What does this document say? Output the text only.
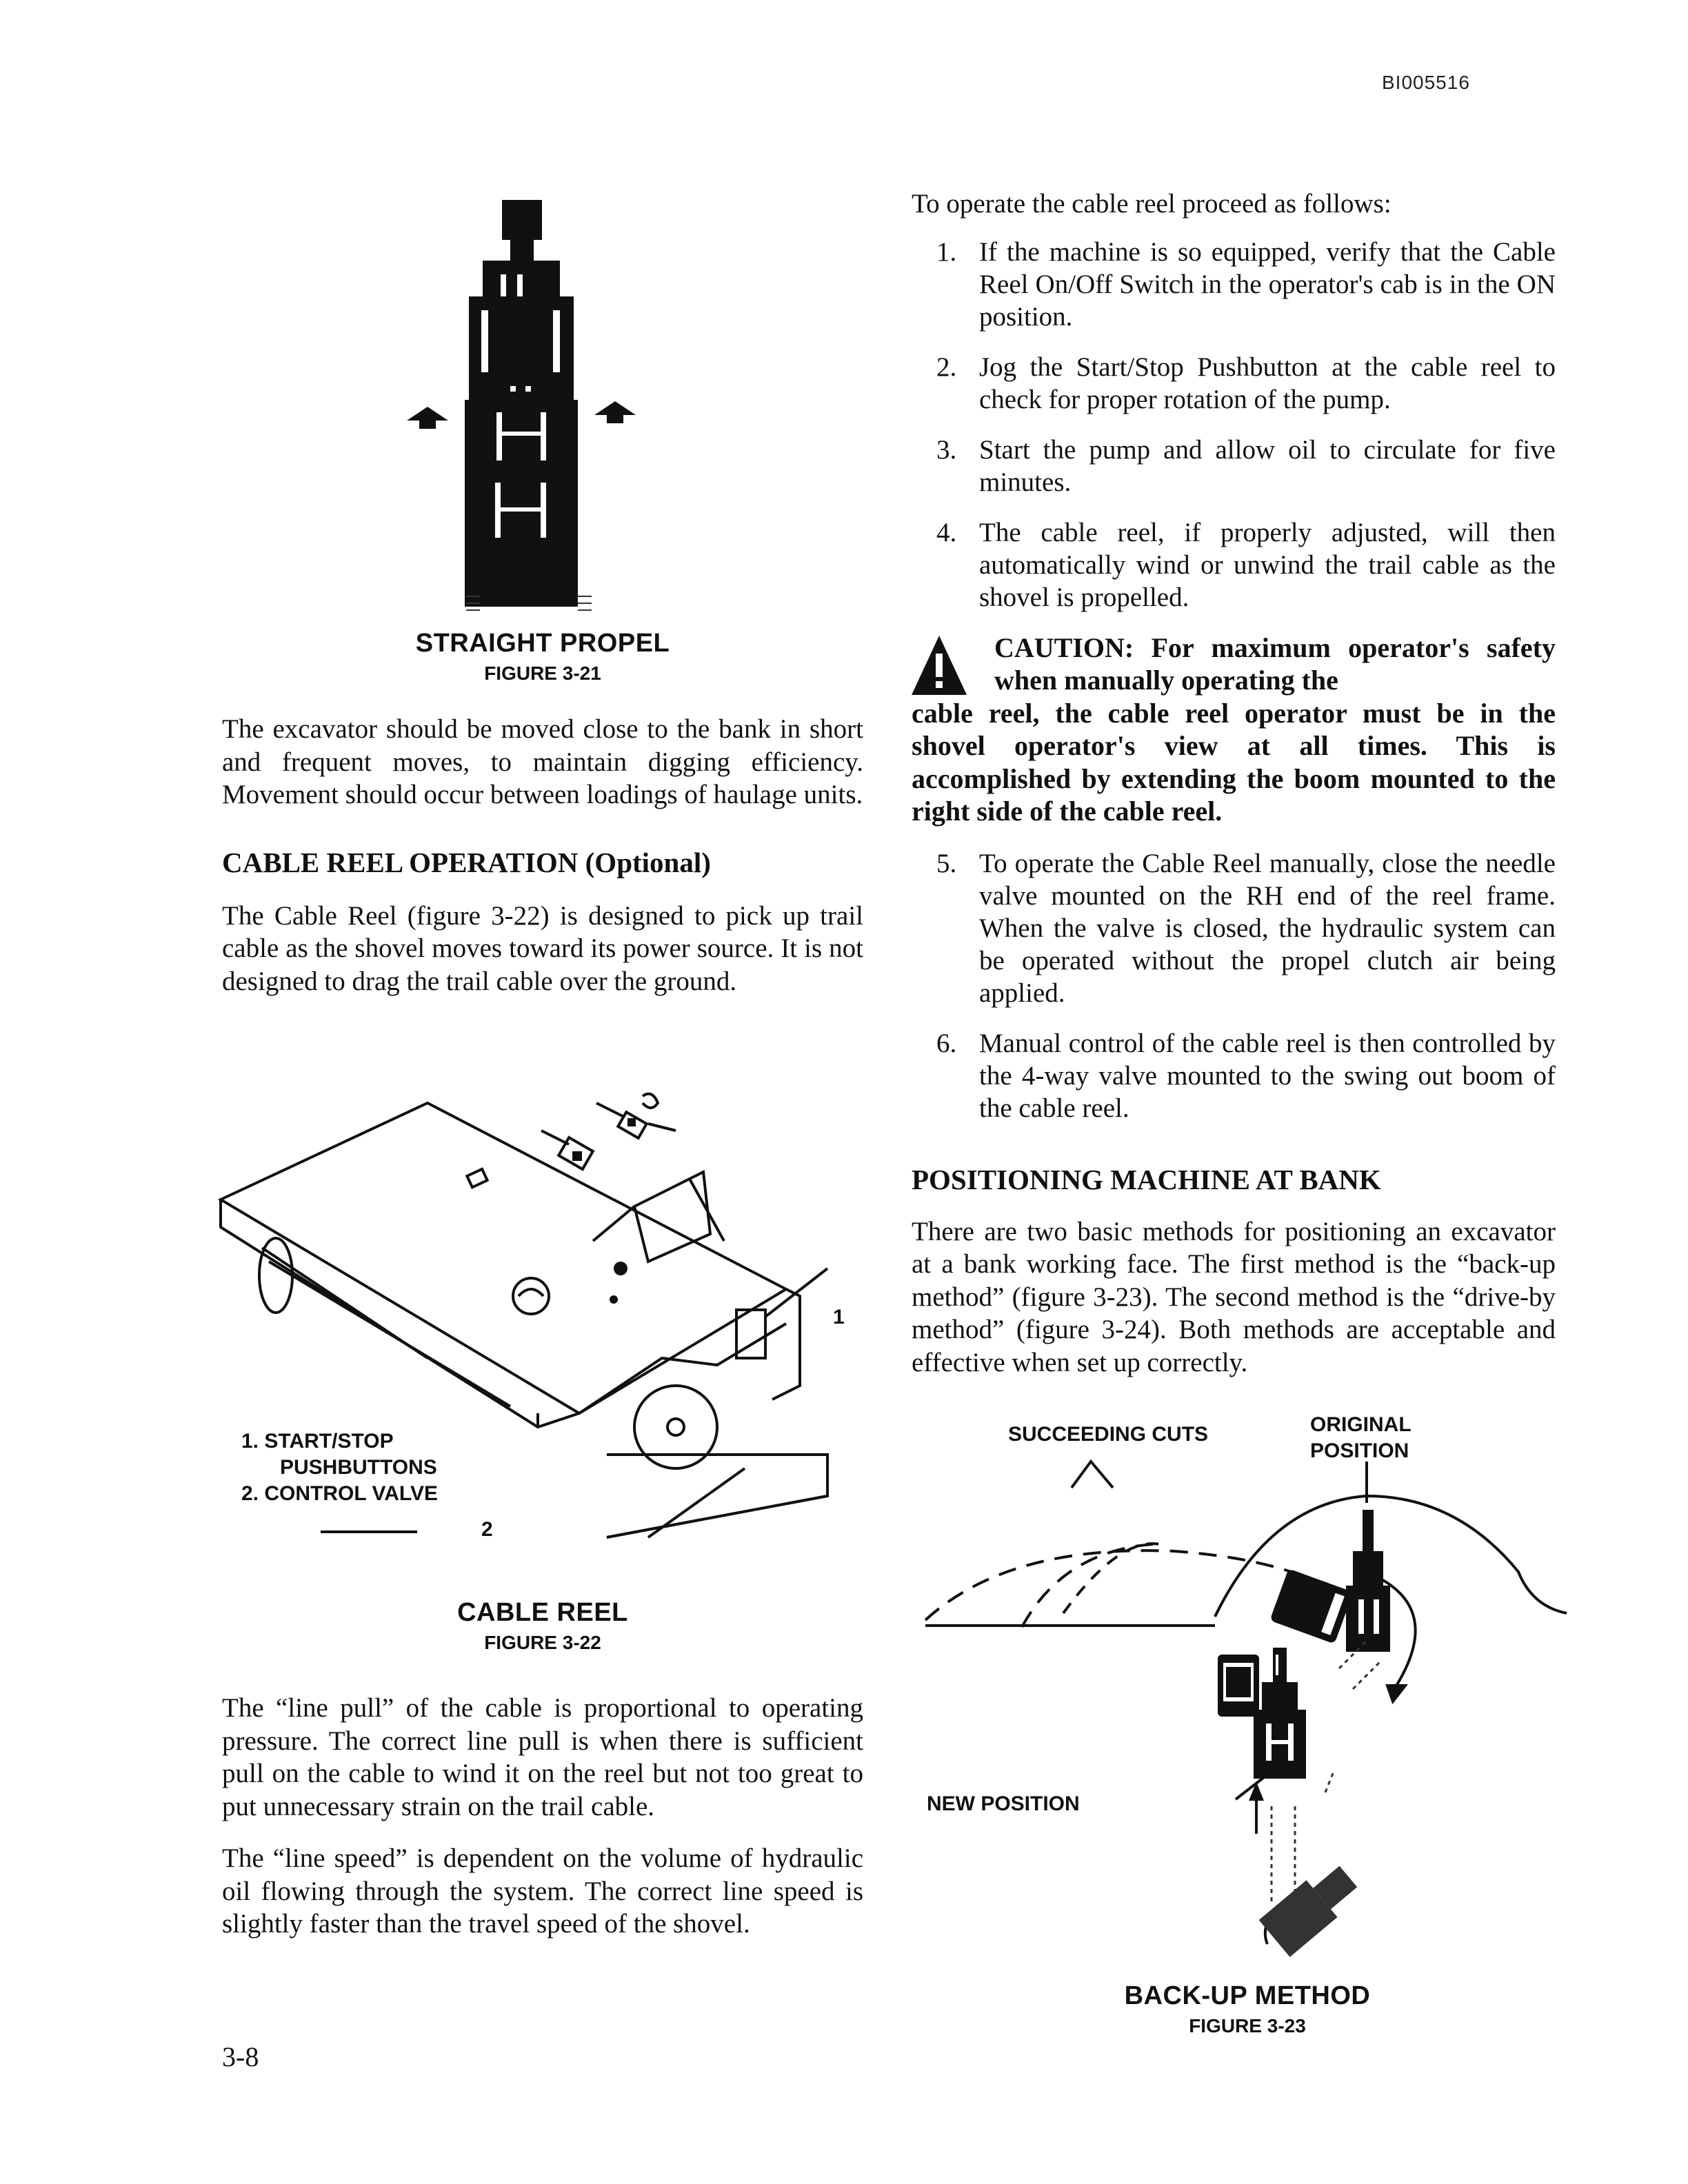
BI005516
STRAIGHT PROPEL
FIGURE 3-21

The excavator should be moved close to the bank in short and frequent moves, to maintain digging efficiency. Movement should occur between loadings of haulage units.

CABLE REEL OPERATION (Optional)

The Cable Reel (figure 3-22) is designed to pick up trail cable as the shovel moves toward its power source. It is not designed to drag the trail cable over the ground.

1. START/STOP
PUSHBUTTONS
2. CONTROL VALVE
1
2
CABLE REEL
FIGURE 3-22

The “line pull” of the cable is proportional to operating pressure. The correct line pull is when there is sufficient pull on the cable to wind it on the reel but not too great to put unnecessary strain on the trail cable.

The “line speed” is dependent on the volume of hydraulic oil flowing through the system. The correct line speed is slightly faster than the travel speed of the shovel.

3-8

To operate the cable reel proceed as follows:

1. If the machine is so equipped, verify that the Cable Reel On/Off Switch in the operator's cab is in the ON position.
2. Jog the Start/Stop Pushbutton at the cable reel to check for proper rotation of the pump.
3. Start the pump and allow oil to circulate for five minutes.
4. The cable reel, if properly adjusted, will then automatically wind or unwind the trail cable as the shovel is propelled.
CAUTION: For maximum operator's safety when manually operating the
cable reel, the cable reel operator must be in the shovel operator's view at all times. This is accomplished by extending the boom mounted to the right side of the cable reel.
5. To operate the Cable Reel manually, close the needle valve mounted on the RH end of the reel frame. When the valve is closed, the hydraulic system can be operated without the propel clutch air being applied.
6. Manual control of the cable reel is then controlled by the 4-way valve mounted to the swing out boom of the cable reel.
POSITIONING MACHINE AT BANK

There are two basic methods for positioning an excavator at a bank working face. The first method is the “back-up method” (figure 3-23). The second method is the “drive-by method” (figure 3-24). Both methods are acceptable and effective when set up correctly.

SUCCEEDING CUTS	ORIGINAL
POSITION
NEW POSITION
BACK-UP METHOD
FIGURE 3-23
